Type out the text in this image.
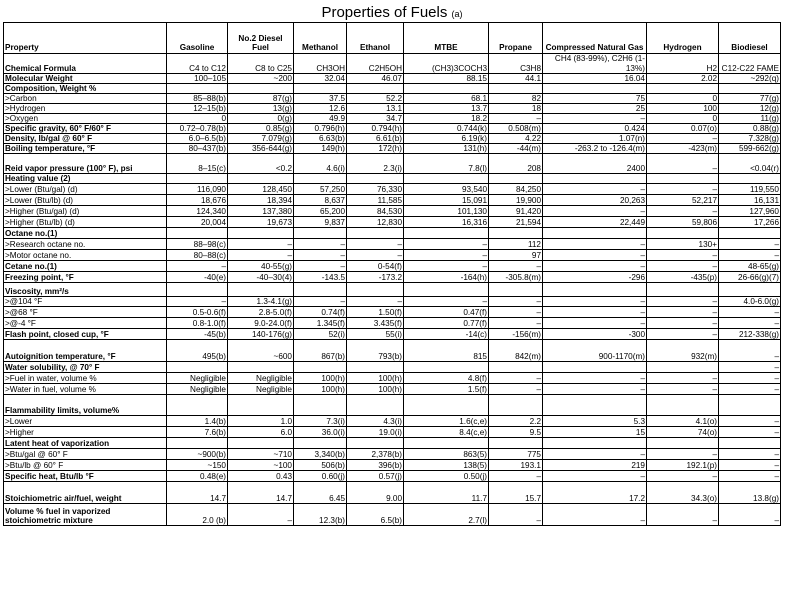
Properties of Fuels (a)
Property	Gasoline	No.2 Diesel Fuel	Methanol	Ethanol	MTBE	Propane	Compressed Natural Gas	Hydrogen	Biodiesel
Chemical Formula	C4 to C12	C8 to C25	CH3OH	C2H5OH	(CH3)3COCH3	C3H8	CH4 (83-99%), C2H6 (1-13%)	H2	C12-C22 FAME
Molecular Weight	100–105	~200	32.04	46.07	88.15	44.1	16.04	2.02	~292(q)
Composition, Weight %									
>Carbon	85–88(b)	87(g)	37.5	52.2	68.1	82	75	0	77(g)
>Hydrogen	12–15(b)	13(g)	12.6	13.1	13.7	18	25	100	12(g)
>Oxygen	0	0(g)	49.9	34.7	18.2	–	–	0	11(g)
Specific gravity, 60° F/60° F	0.72–0.78(b)	0.85(g)	0.796(h)	0.794(h)	0.744(k)	0.508(m)	0.424	0.07(o)	0.88(g)
Density, lb/gal @ 60° F	6.0–6.5(b)	7.079(g)	6.63(b)	6.61(b)	6.19(k)	4.22	1.07(n)	–	7.328(g)
Boiling temperature, °F	80–437(b)	356-644(g)	149(h)	172(h)	131(h)	-44(m)	-263.2 to -126.4(m)	-423(m)	599-662(g)
Reid vapor pressure (100° F), psi	8–15(c)	<0.2	4.6(i)	2.3(i)	7.8(l)	208	2400	–	<0.04(r)
Heating value (2)									
>Lower (Btu/gal) (d)	116,090	128,450	57,250	76,330	93,540	84,250	–	–	119,550
>Lower (Btu/lb) (d)	18,676	18,394	8,637	11,585	15,091	19,900	20,263	52,217	16,131
>Higher (Btu/gal) (d)	124,340	137,380	65,200	84,530	101,130	91,420	–	–	127,960
>Higher (Btu/lb) (d)	20,004	19,673	9,837	12,830	16,316	21,594	22,449	59,806	17,266
Octane no.(1)									
>Research octane no.	88–98(c)	–	–	–	–	112	–	130+	–
>Motor octane no.	80–88(c)	–	–	–	–	97	–	–	–
Cetane no.(1)	–	40-55(g)	–	0-54(f)	–	–	–	–	48-65(g)
Freezing point, °F	-40(e)	-40–30(4)	-143.5	-173.2	-164(h)	-305.8(m)	-296	-435(p)	26-66(g)(7)
Viscosity, mm²/s									
>@104 °F	–	1.3-4.1(g)	–	–	–	–	–	–	4.0-6.0(g)
>@68 °F	0.5-0.6(f)	2.8-5.0(f)	0.74(f)	1.50(f)	0.47(f)	–	–	–	–
>@-4 °F	0.8-1.0(f)	9.0-24.0(f)	1.345(f)	3.435(f)	0.77(f)	–	–	–	–
Flash point, closed cup, °F	-45(b)	140-176(g)	52(i)	55(i)	-14(c)	-156(m)	-300	–	212-338(g)
Autoignition temperature, °F	495(b)	~600	867(b)	793(b)	815	842(m)	900-1170(m)	932(m)	–
Water solubility, @ 70° F									–
>Fuel in water, volume %	Negligible	Negligible	100(h)	100(h)	4.8(f)	–	–	–	–
>Water in fuel, volume %	Negligible	Negligible	100(h)	100(h)	1.5(f)	–	–	–	–
Flammability limits, volume%									
>Lower	1.4(b)	1.0	7.3(i)	4.3(i)	1.6(c,e)	2.2	5.3	4.1(o)	–
>Higher	7.6(b)	6.0	36.0(i)	19.0(i)	8.4(c,e)	9.5	15	74(o)	–
Latent heat of vaporization									
>Btu/gal @ 60° F	~900(b)	~710	3,340(b)	2,378(b)	863(5)	775	–	–	–
>Btu/lb @ 60° F	~150	~100	506(b)	396(b)	138(5)	193.1	219	192.1(p)	–
Specific heat, Btu/lb °F	0.48(e)	0.43	0.60(j)	0.57(j)	0.50(j)	–	–	–	–
Stoichiometric air/fuel, weight	14.7	14.7	6.45	9.00	11.7	15.7	17.2	34.3(o)	13.8(g)
Volume % fuel in vaporized stoichiometric mixture	2.0 (b)	–	12.3(b)	6.5(b)	2.7(l)	–	–	–	–
